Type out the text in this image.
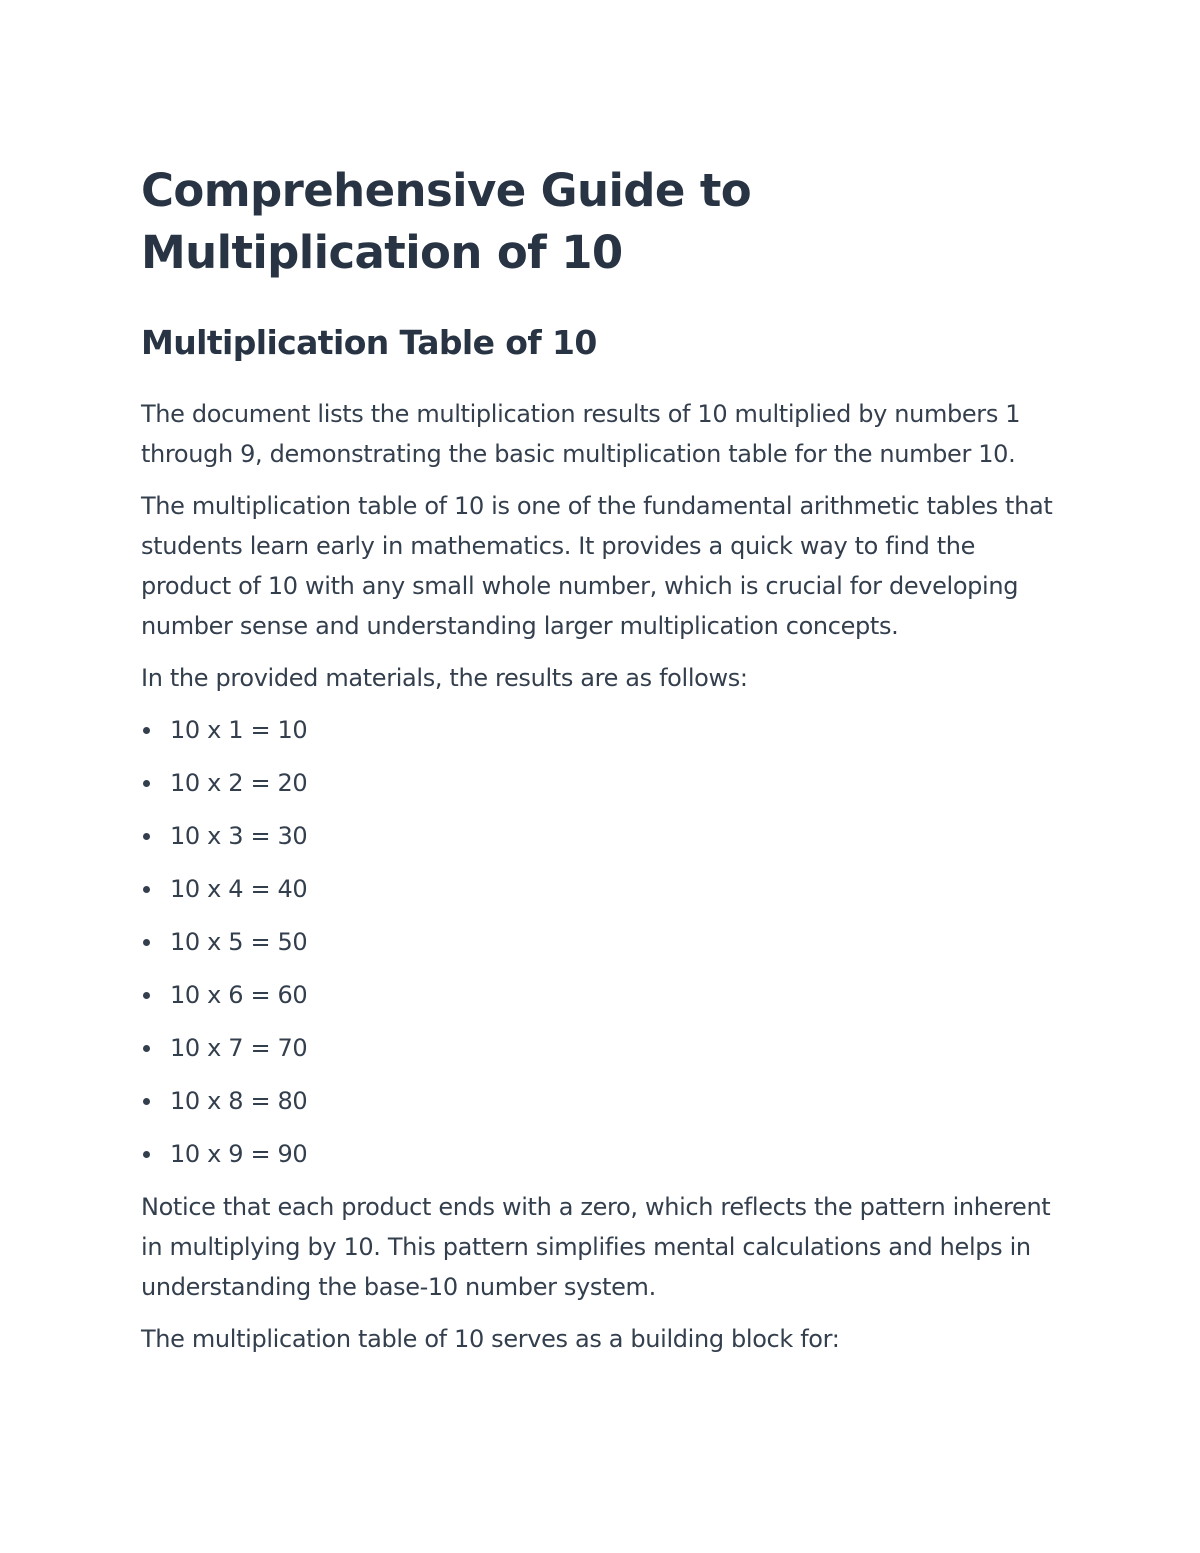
Comprehensive Guide to Multiplication of 10
Multiplication Table of 10

The document lists the multiplication results of 10 multiplied by numbers 1 through 9, demonstrating the basic multiplication table for the number 10.

The multiplication table of 10 is one of the fundamental arithmetic tables that students learn early in mathematics. It provides a quick way to find the product of 10 with any small whole number, which is crucial for developing number sense and understanding larger multiplication concepts.

In the provided materials, the results are as follows:

10 x 1 = 10
10 x 2 = 20
10 x 3 = 30
10 x 4 = 40
10 x 5 = 50
10 x 6 = 60
10 x 7 = 70
10 x 8 = 80
10 x 9 = 90

Notice that each product ends with a zero, which reflects the pattern inherent in multiplying by 10. This pattern simplifies mental calculations and helps in understanding the base-10 number system.

The multiplication table of 10 serves as a building block for:
